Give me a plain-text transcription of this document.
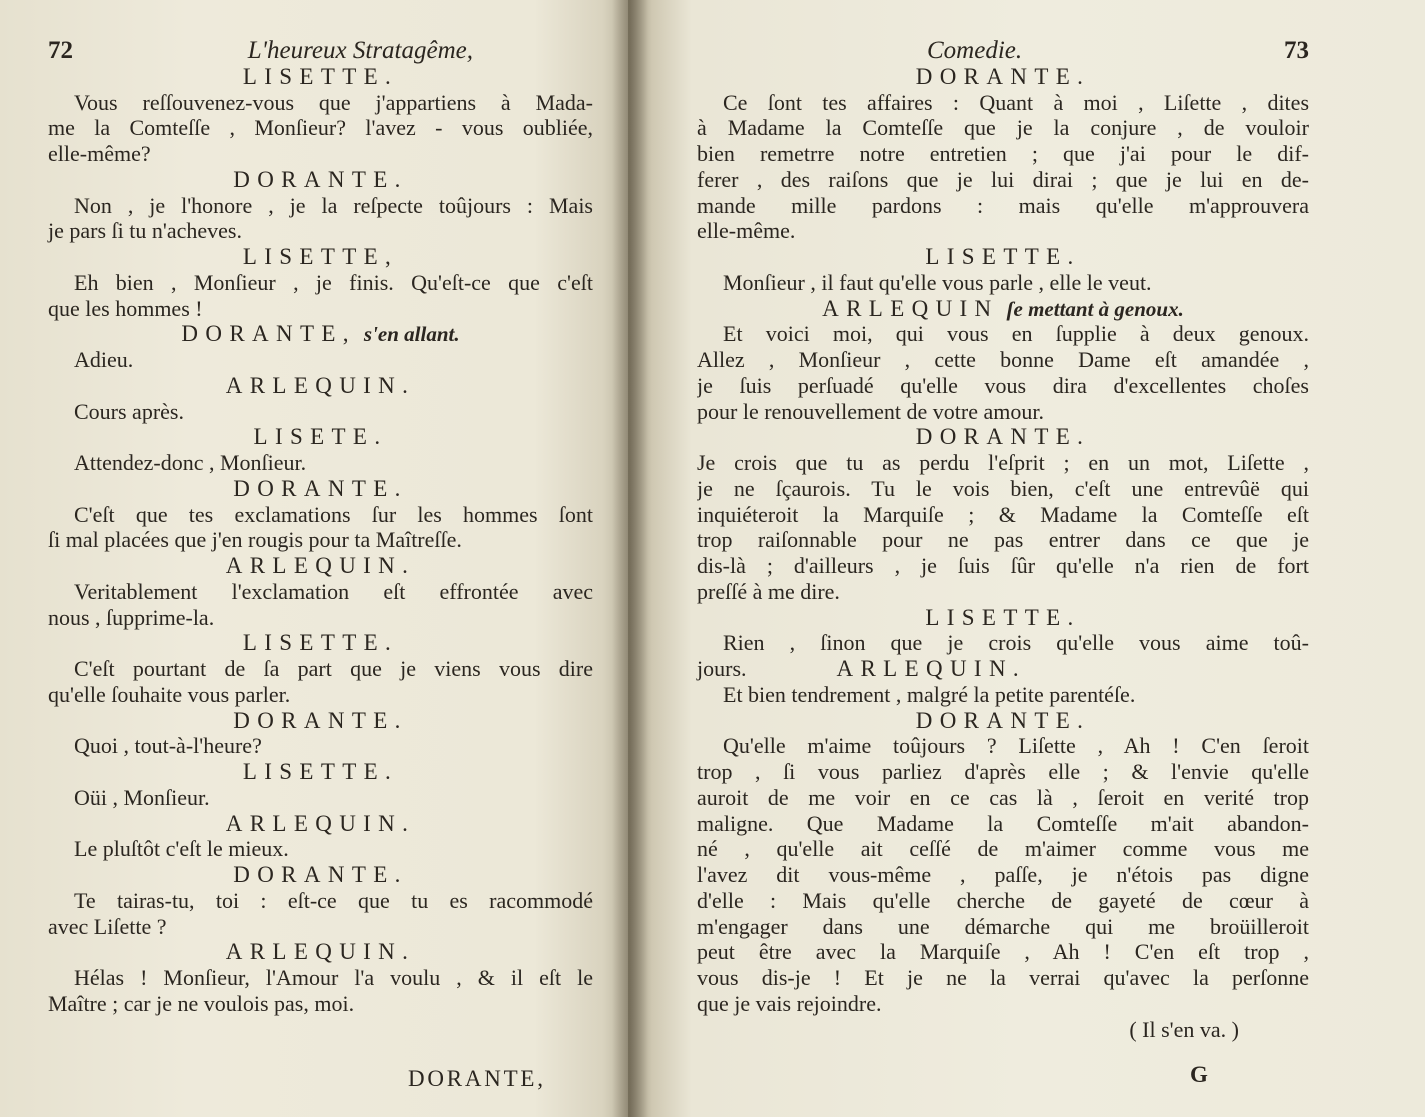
72	L'heureux Stratagême,
LISETTE.
Vous reſſouvenez-vous que j'appartiens à Mada-
me la Comteſſe , Monſieur? l'avez - vous oubliée,
elle-même?
DORANTE.
Non , je l'honore , je la reſpecte toûjours : Mais
je pars ſi tu n'acheves.
LISETTE,
Eh bien , Monſieur , je finis. Qu'eſt-ce que c'eſt
que les hommes !
DORANTE, s'en allant.
Adieu.
ARLEQUIN.
Cours après.
LISETE.
Attendez-donc , Monſieur.
DORANTE.
C'eſt que tes exclamations ſur les hommes ſont
ſi mal placées que j'en rougis pour ta Maîtreſſe.
ARLEQUIN.
Veritablement l'exclamation eſt effrontée avec
nous , ſupprime-la.
LISETTE.
C'eſt pourtant de ſa part que je viens vous dire
qu'elle ſouhaite vous parler.
DORANTE.
Quoi , tout-à-l'heure?
LISETTE.
Oüi , Monſieur.
ARLEQUIN.
Le pluſtôt c'eſt le mieux.
DORANTE.
Te tairas-tu, toi : eſt-ce que tu es racommodé
avec Liſette ?
ARLEQUIN.
Hélas ! Monſieur, l'Amour l'a voulu , & il eſt le
Maître ; car je ne voulois pas, moi.
DORANTE,
Comedie.	73
DORANTE.
Ce ſont tes affaires : Quant à moi , Liſette , dites
à Madame la Comteſſe que je la conjure , de vouloir
bien remetrre notre entretien ; que j'ai pour le dif-
ferer , des raiſons que je lui dirai ; que je lui en de-
mande mille pardons : mais qu'elle m'approuvera
elle-même.
LISETTE.
Monſieur , il faut qu'elle vous parle , elle le veut.
ARLEQUIN ſe mettant à genoux.
Et voici moi, qui vous en ſupplie à deux genoux.
Allez , Monſieur , cette bonne Dame eſt amandée ,
je ſuis perſuadé qu'elle vous dira d'excellentes choſes
pour le renouvellement de votre amour.
DORANTE.
Je crois que tu as perdu l'eſprit ; en un mot, Liſette ,
je ne ſçaurois. Tu le vois bien, c'eſt une entrevûë qui
inquiéteroit la Marquiſe ; & Madame la Comteſſe eſt
trop raiſonnable pour ne pas entrer dans ce que je
dis-là ; d'ailleurs , je ſuis ſûr qu'elle n'a rien de fort
preſſé à me dire.
LISETTE.
Rien , ſinon que je crois qu'elle vous aime toû-
jours.	ARLEQUIN.
Et bien tendrement , malgré la petite parentéſe.
DORANTE.
Qu'elle m'aime toûjours ? Liſette , Ah ! C'en ſeroit
trop , ſi vous parliez d'après elle ; & l'envie qu'elle
auroit de me voir en ce cas là , ſeroit en verité trop
maligne. Que Madame la Comteſſe m'ait abandon-
né , qu'elle ait ceſſé de m'aimer comme vous me
l'avez dit vous-même , paſſe, je n'étois pas digne
d'elle : Mais qu'elle cherche de gayeté de cœur à
m'engager dans une démarche qui me broüilleroit
peut être avec la Marquiſe , Ah ! C'en eſt trop ,
vous dis-je ! Et je ne la verrai qu'avec la perſonne
que je vais rejoindre.
( Il s'en va. )
G
